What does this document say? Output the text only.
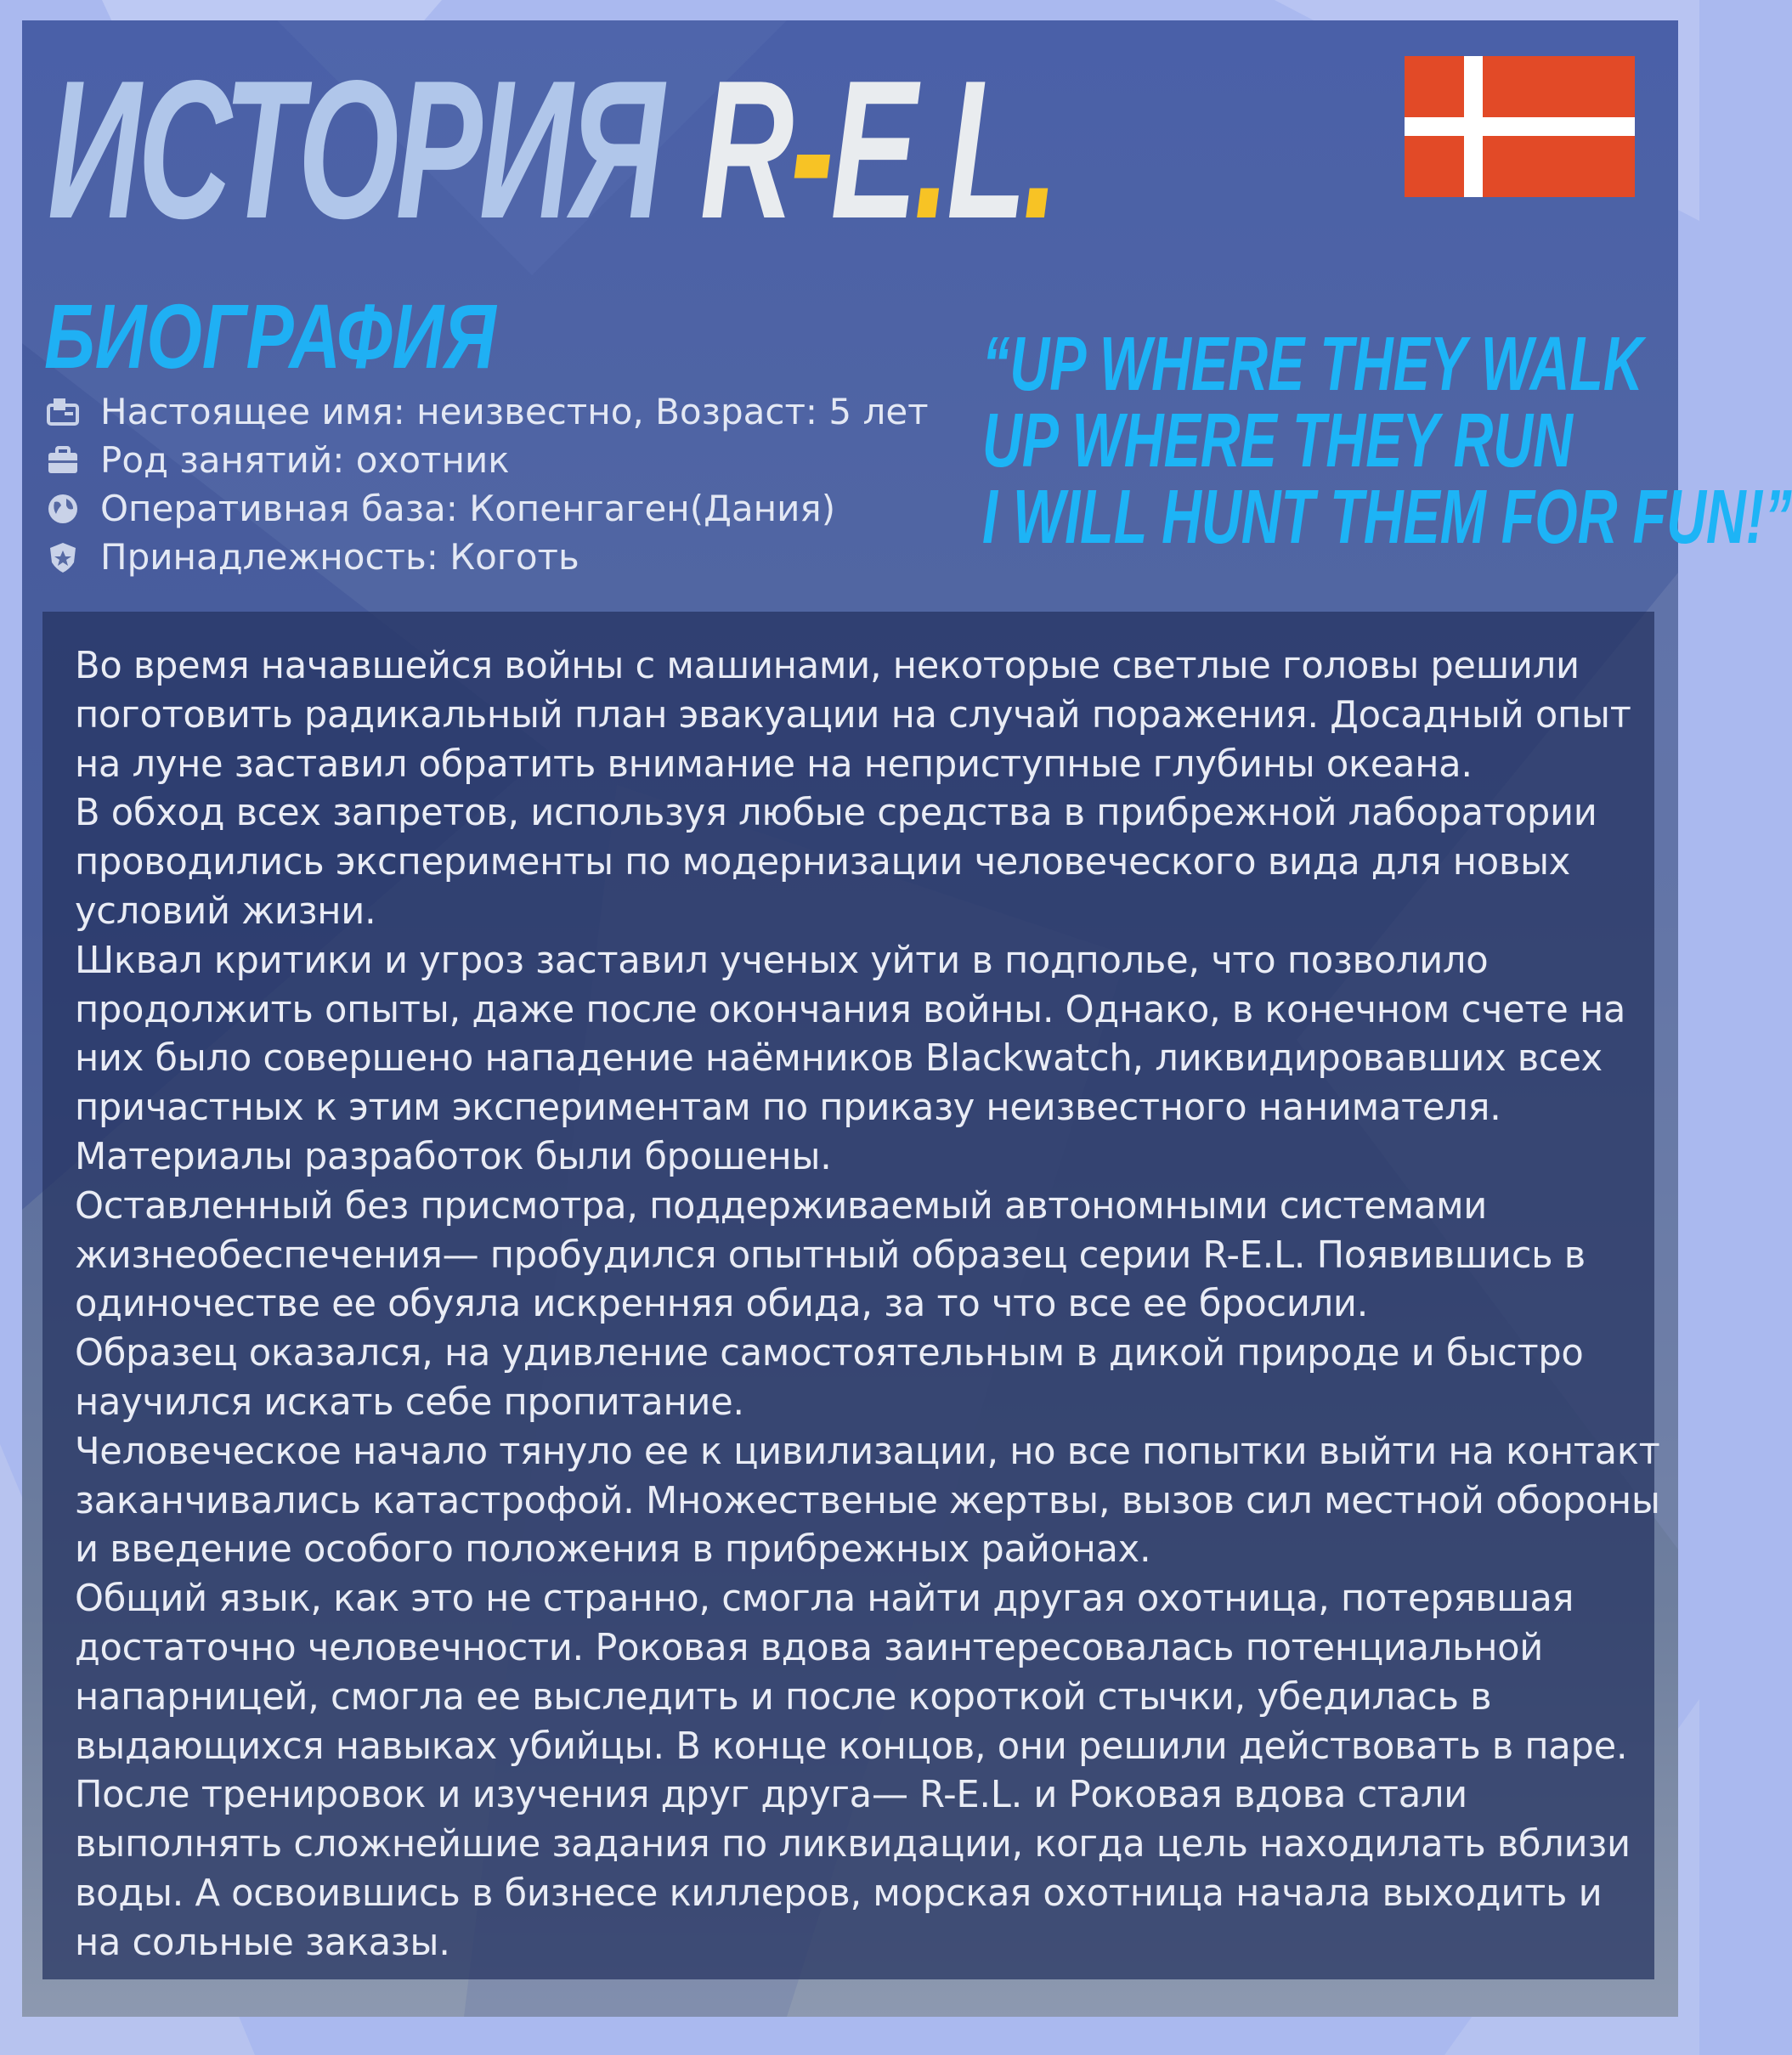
ИСТОРИЯ R-E.L.
БИОГРАФИЯ
Настоящее имя: неизвестно, Возраст: 5 лет
Род занятий: охотник
Оперативная база: Копенгаген(Дания)
Принадлежность: Коготь
“UP WHERE THEY WALK
UP WHERE THEY RUN
I WILL HUNT THEM FOR FUN!”
Во время начавшейся войны с машинами, некоторые светлые головы решили
поготовить радикальный план эвакуации на случай поражения. Досадный опыт
на луне заставил обратить внимание на неприступные глубины океана.
В обход всех запретов, используя любые средства в прибрежной лаборатории
проводились эксперименты по модернизации человеческого вида для новых
условий жизни.
Шквал критики и угроз заставил ученых уйти в подполье, что позволило
продолжить опыты, даже после окончания войны. Однако, в конечном счете на
них было совершено нападение наёмников Blackwatch, ликвидировавших всех
причастных к этим экспериментам по приказу неизвестного нанимателя.
Материалы разработок были брошены.
Оставленный без присмотра, поддерживаемый автономными системами
жизнеобеспечения— пробудился опытный образец серии R-E.L. Появившись в
одиночестве ее обуяла искренняя обида, за то что все ее бросили.
Образец оказался, на удивление самостоятельным в дикой природе и быстро
научился искать себе пропитание.
Человеческое начало тянуло ее к цивилизации, но все попытки выйти на контакт
заканчивались катастрофой. Множественые жертвы, вызов сил местной обороны
и введение особого положения в прибрежных районах.
Общий язык, как это не странно, смогла найти другая охотница, потерявшая
достаточно человечности. Роковая вдова заинтересовалась потенциальной
напарницей, смогла ее выследить и после короткой стычки, убедилась в
выдающихся навыках убийцы. В конце концов, они решили действовать в паре.
После тренировок и изучения друг друга— R-E.L. и Роковая вдова стали
выполнять сложнейшие задания по ликвидации, когда цель находилать вблизи
воды. А освоившись в бизнесе киллеров, морская охотница начала выходить и
на сольные заказы.
